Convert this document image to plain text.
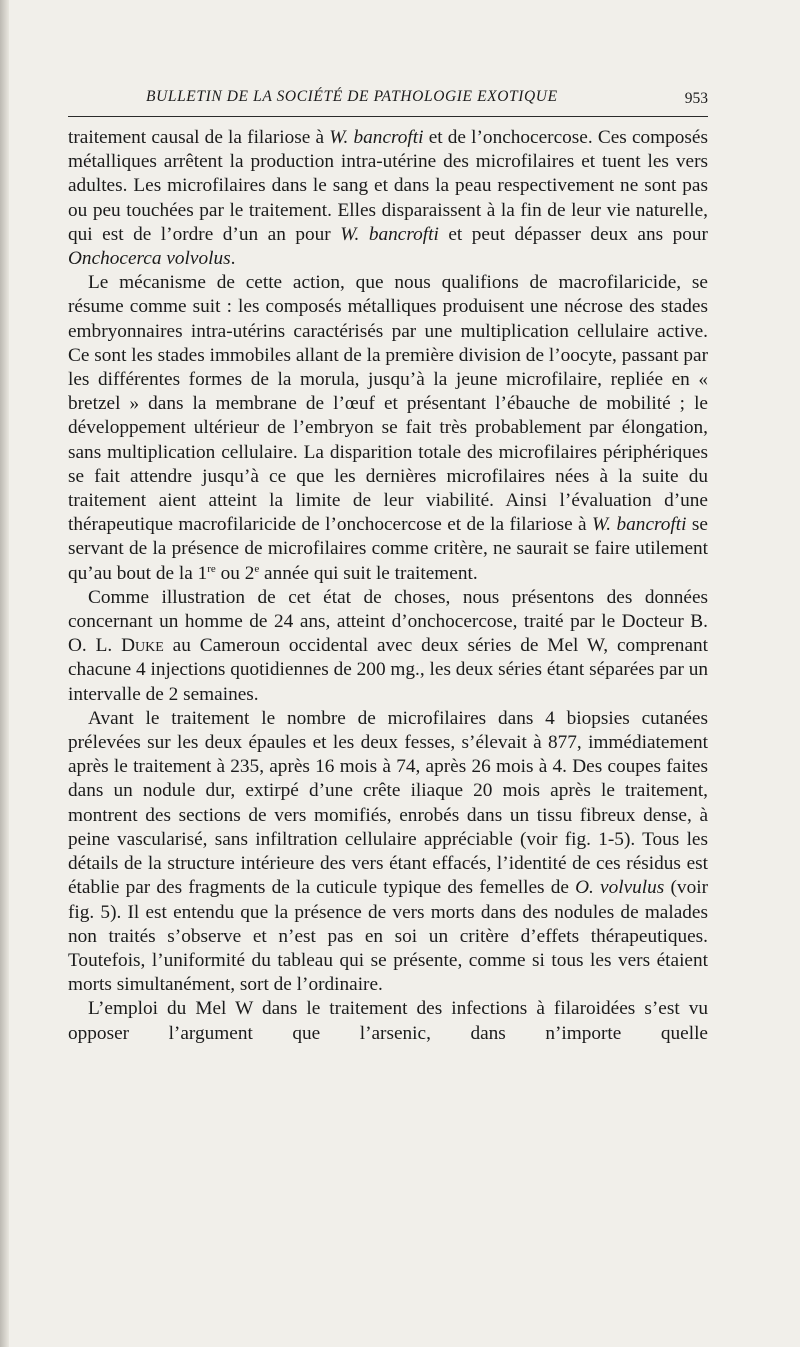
BULLETIN DE LA SOCIÉTÉ DE PATHOLOGIE EXOTIQUE	953

traitement causal de la filariose à W. bancrofti et de l’onchocercose. Ces composés métalliques arrêtent la production intra-utérine des microfilaires et tuent les vers adultes. Les microfilaires dans le sang et dans la peau respectivement ne sont pas ou peu touchées par le traitement. Elles disparaissent à la fin de leur vie naturelle, qui est de l’ordre d’un an pour W. bancrofti et peut dépasser deux ans pour Onchocerca volvolus.

Le mécanisme de cette action, que nous qualifions de macrofilaricide, se résume comme suit : les composés métalliques produisent une nécrose des stades embryonnaires intra-utérins caractérisés par une multiplication cellulaire active. Ce sont les stades immobiles allant de la première division de l’oocyte, passant par les différentes formes de la morula, jusqu’à la jeune microfilaire, repliée en « bretzel » dans la membrane de l’œuf et présentant l’ébauche de mobilité ; le développement ultérieur de l’embryon se fait très probablement par élongation, sans multiplication cellulaire. La disparition totale des microfilaires périphériques se fait attendre jusqu’à ce que les dernières microfilaires nées à la suite du traitement aient atteint la limite de leur viabilité. Ainsi l’évaluation d’une thérapeutique macrofilaricide de l’onchocercose et de la filariose à W. bancrofti se servant de la présence de microfilaires comme critère, ne saurait se faire utilement qu’au bout de la 1re ou 2e année qui suit le traitement.

Comme illustration de cet état de choses, nous présentons des données concernant un homme de 24 ans, atteint d’onchocercose, traité par le Docteur B. O. L. Duke au Cameroun occidental avec deux séries de Mel W, comprenant chacune 4 injections quotidiennes de 200 mg., les deux séries étant séparées par un intervalle de 2 semaines.

Avant le traitement le nombre de microfilaires dans 4 biopsies cutanées prélevées sur les deux épaules et les deux fesses, s’élevait à 877, immédiatement après le traitement à 235, après 16 mois à 74, après 26 mois à 4. Des coupes faites dans un nodule dur, extirpé d’une crête iliaque 20 mois après le traitement, montrent des sections de vers momifiés, enrobés dans un tissu fibreux dense, à peine vascularisé, sans infiltration cellulaire appréciable (voir fig. 1-5). Tous les détails de la structure intérieure des vers étant effacés, l’identité de ces résidus est établie par des fragments de la cuticule typique des femelles de O. volvulus (voir fig. 5). Il est entendu que la présence de vers morts dans des nodules de malades non traités s’observe et n’est pas en soi un critère d’effets thérapeutiques. Toutefois, l’uniformité du tableau qui se présente, comme si tous les vers étaient morts simultanément, sort de l’ordinaire.

L’emploi du Mel W dans le traitement des infections à filaroidées s’est vu opposer l’argument que l’arsenic, dans n’importe quelle
